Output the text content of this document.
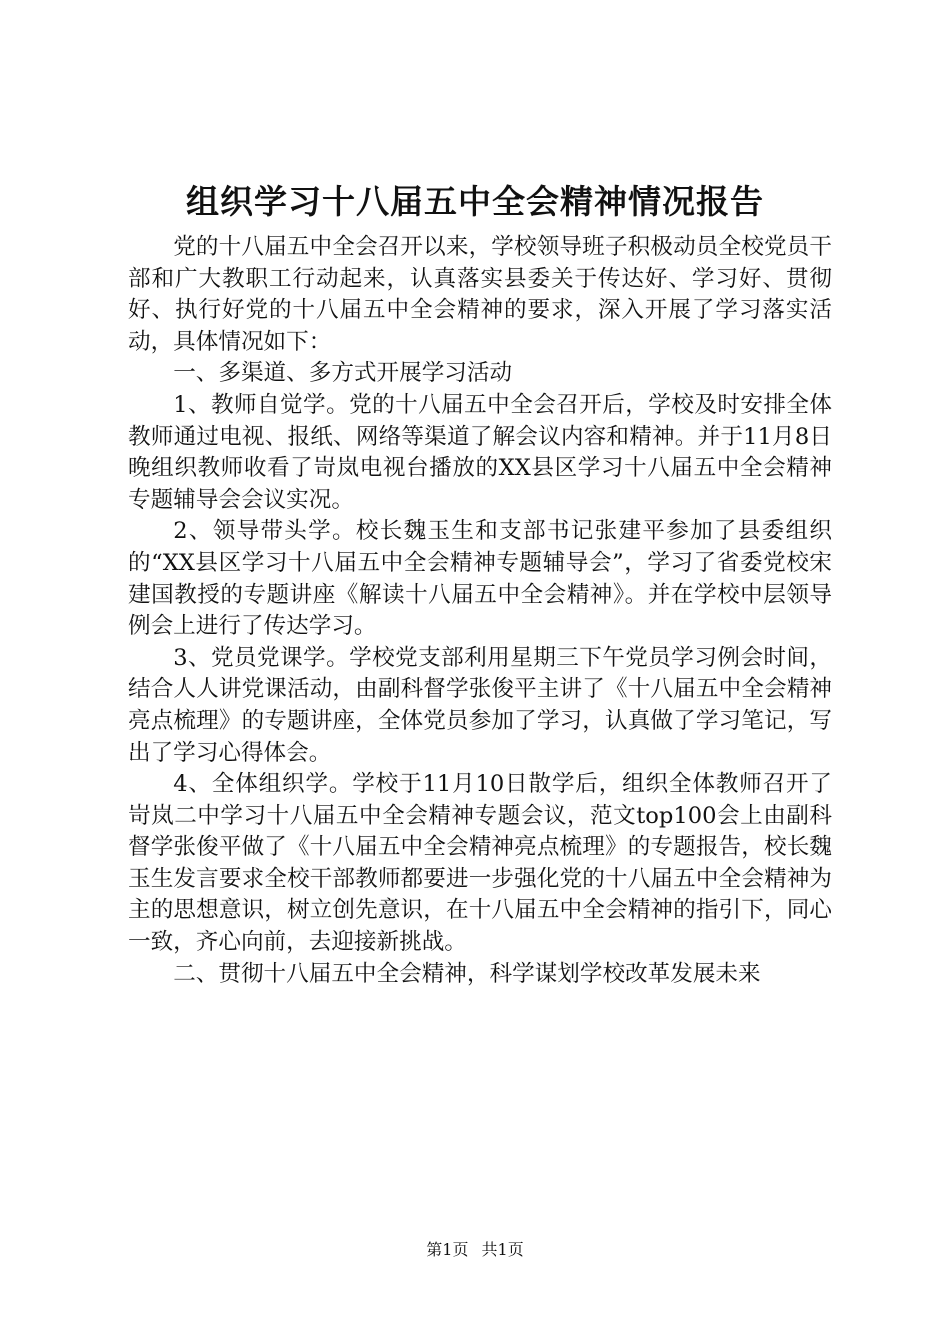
组织学习十八届五中全会精神情况报告

党的十八届五中全会召开以来，学校领导班子积极动员全校党员干部和广大教职工行动起来，认真落实县委关于传达好、学习好、贯彻好、执行好党的十八届五中全会精神的要求，深入开展了学习落实活动，具体情况如下：

一、多渠道、多方式开展学习活动

1、教师自觉学。党的十八届五中全会召开后，学校及时安排全体教师通过电视、报纸、网络等渠道了解会议内容和精神。并于11月8日晚组织教师收看了岢岚电视台播放的XX县区学习十八届五中全会精神专题辅导会会议实况。

2、领导带头学。校长魏玉生和支部书记张建平参加了县委组织的“XX县区学习十八届五中全会精神专题辅导会”，学习了省委党校宋建国教授的专题讲座《解读十八届五中全会精神》。并在学校中层领导例会上进行了传达学习。

3、党员党课学。学校党支部利用星期三下午党员学习例会时间，结合人人讲党课活动，由副科督学张俊平主讲了《十八届五中全会精神亮点梳理》的专题讲座，全体党员参加了学习，认真做了学习笔记，写出了学习心得体会。

4、全体组织学。学校于11月10日散学后，组织全体教师召开了岢岚二中学习十八届五中全会精神专题会议，范文top100会上由副科督学张俊平做了《十八届五中全会精神亮点梳理》的专题报告，校长魏玉生发言要求全校干部教师都要进一步强化党的十八届五中全会精神为主的思想意识，树立创先意识，在十八届五中全会精神的指引下，同心一致，齐心向前，去迎接新挑战。

二、贯彻十八届五中全会精神，科学谋划学校改革发展未来

第1页 共1页
